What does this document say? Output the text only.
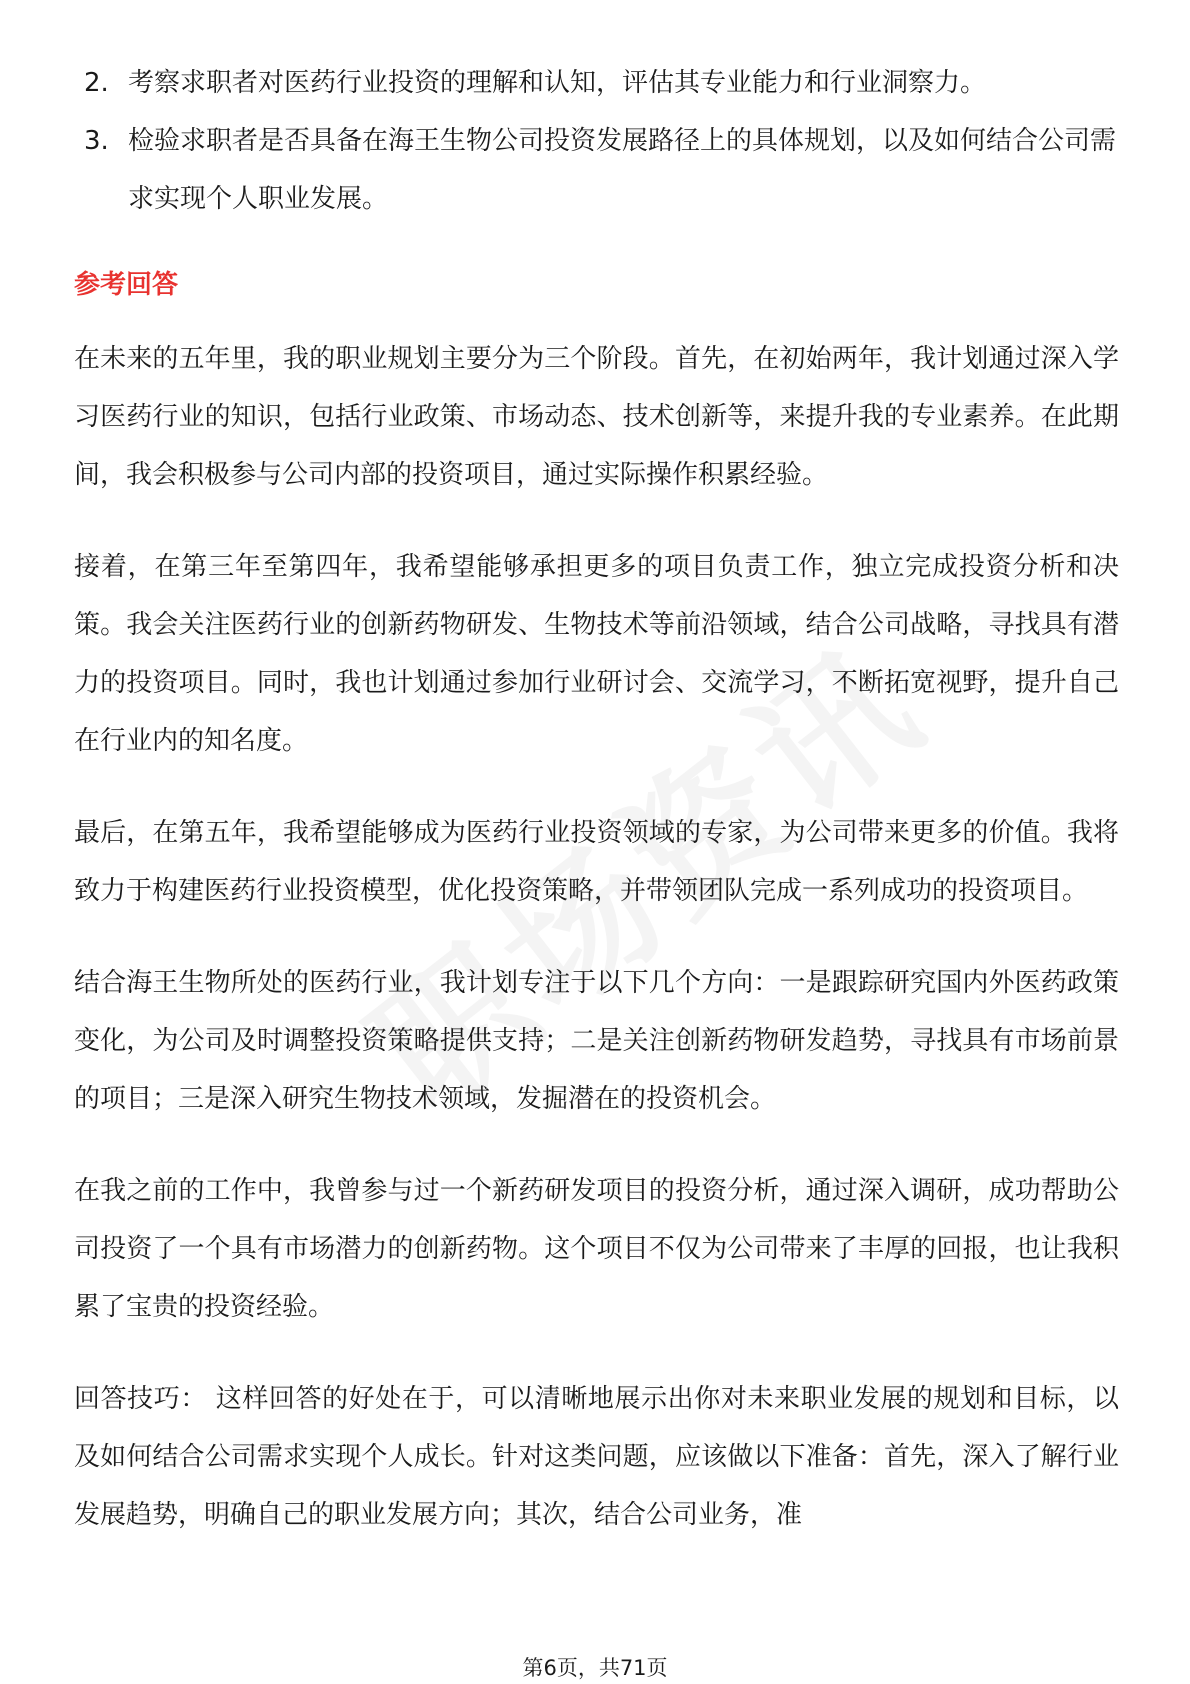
2. 考察求职者对医药行业投资的理解和认知，评估其专业能力和行业洞察力。
3. 检验求职者是否具备在海王生物公司投资发展路径上的具体规划，以及如何结合公司需求实现个人职业发展。
参考回答

在未来的五年里，我的职业规划主要分为三个阶段。首先，在初始两年，我计划通过深入学习医药行业的知识，包括行业政策、市场动态、技术创新等，来提升我的专业素养。在此期间，我会积极参与公司内部的投资项目，通过实际操作积累经验。

接着，在第三年至第四年，我希望能够承担更多的项目负责工作，独立完成投资分析和决策。我会关注医药行业的创新药物研发、生物技术等前沿领域，结合公司战略，寻找具有潜力的投资项目。同时，我也计划通过参加行业研讨会、交流学习，不断拓宽视野，提升自己在行业内的知名度。

最后，在第五年，我希望能够成为医药行业投资领域的专家，为公司带来更多的价值。我将致力于构建医药行业投资模型，优化投资策略，并带领团队完成一系列成功的投资项目。

结合海王生物所处的医药行业，我计划专注于以下几个方向：一是跟踪研究国内外医药政策变化，为公司及时调整投资策略提供支持；二是关注创新药物研发趋势，寻找具有市场前景的项目；三是深入研究生物技术领域，发掘潜在的投资机会。

在我之前的工作中，我曾参与过一个新药研发项目的投资分析，通过深入调研，成功帮助公司投资了一个具有市场潜力的创新药物。这个项目不仅为公司带来了丰厚的回报，也让我积累了宝贵的投资经验。

回答技巧： 这样回答的好处在于，可以清晰地展示出你对未来职业发展的规划和目标，以及如何结合公司需求实现个人成长。针对这类问题，应该做以下准备：首先，深入了解行业发展趋势，明确自己的职业发展方向；其次，结合公司业务，准

第6页，共71页
